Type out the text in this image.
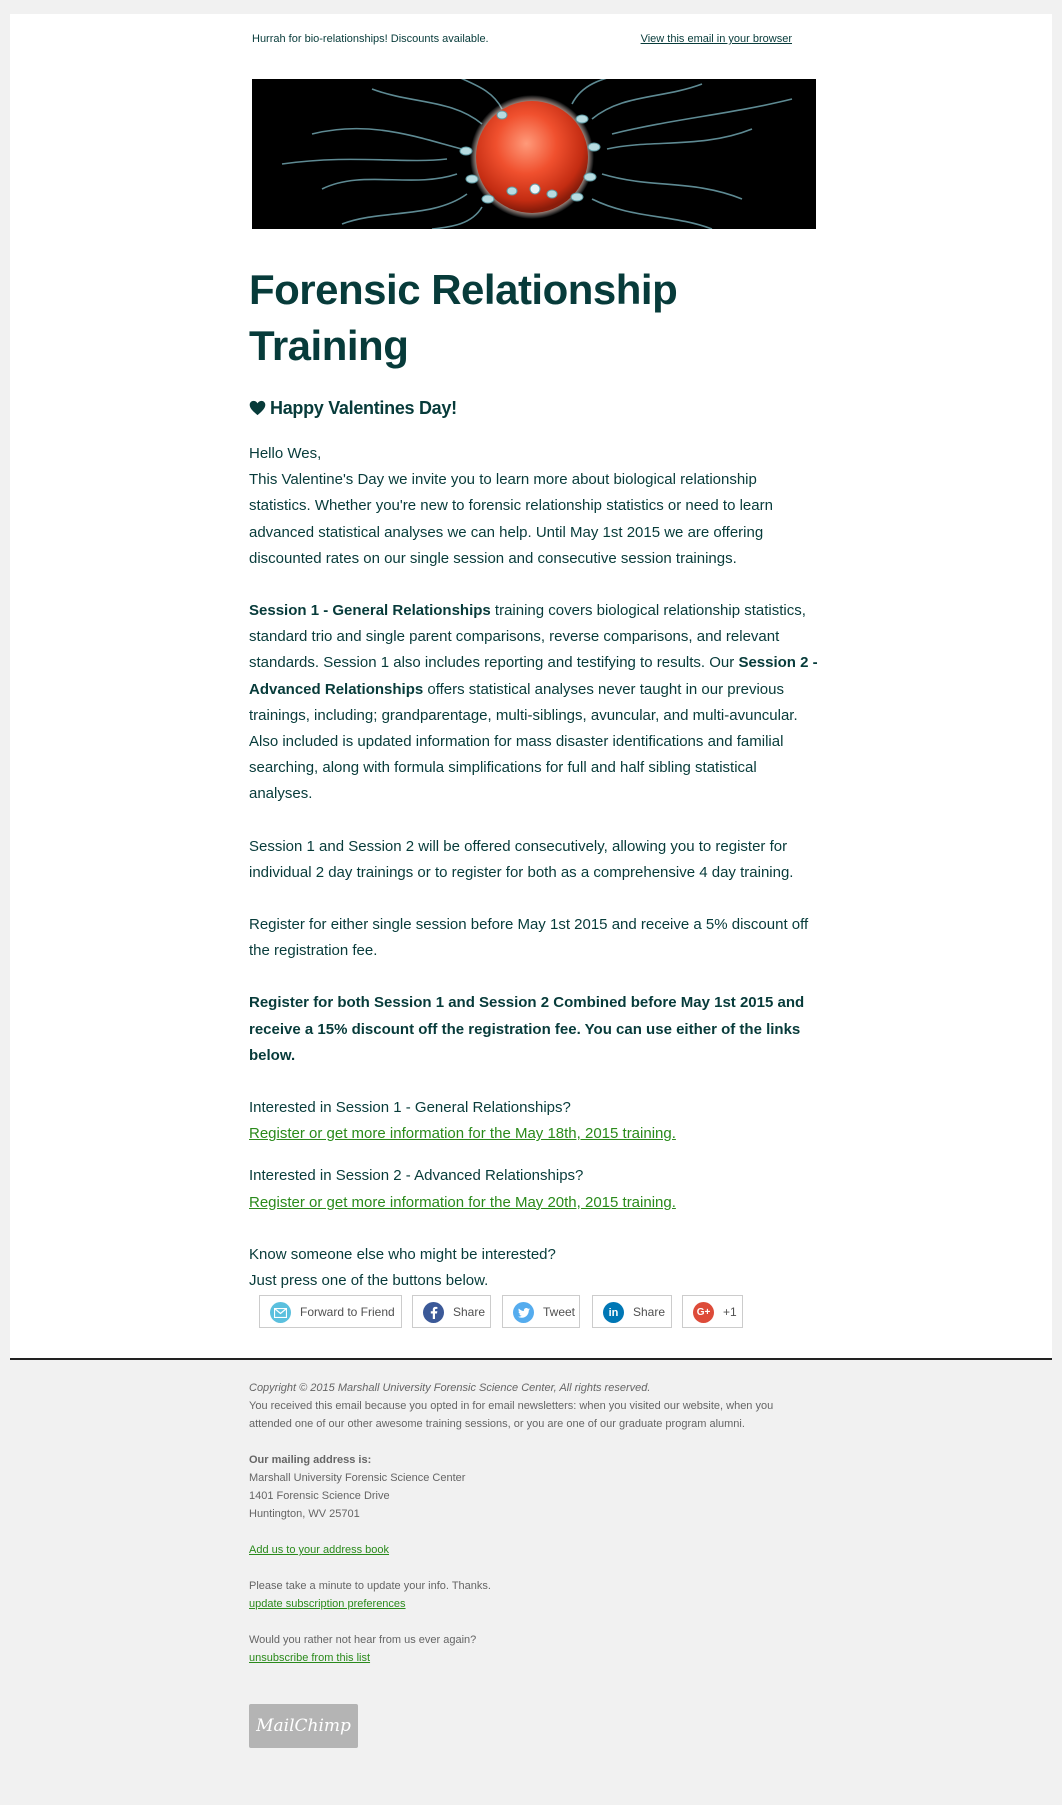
Hurrah for bio-relationships! Discounts available.	View this email in your browser
Forensic Relationship Training
Happy Valentines Day!

Hello Wes,

This Valentine's Day we invite you to learn more about biological relationship statistics. Whether you're new to forensic relationship statistics or need to learn advanced statistical analyses we can help. Until May 1st 2015 we are offering discounted rates on our single session and consecutive session trainings.

Session 1 - General Relationships training covers biological relationship statistics, standard trio and single parent comparisons, reverse comparisons, and relevant standards. Session 1 also includes reporting and testifying to results. Our Session 2 - Advanced Relationships offers statistical analyses never taught in our previous trainings, including; grandparentage, multi-siblings, avuncular, and multi-avuncular. Also included is updated information for mass disaster identifications and familial searching, along with formula simplifications for full and half sibling statistical analyses.

Session 1 and Session 2 will be offered consecutively, allowing you to register for individual 2 day trainings or to register for both as a comprehensive 4 day training.

Register for either single session before May 1st 2015 and receive a 5% discount off the registration fee.

Register for both Session 1 and Session 2 Combined before May 1st 2015 and receive a 15% discount off the registration fee. You can use either of the links below.

Interested in Session 1 - General Relationships?

Register or get more information for the May 18th, 2015 training.

Interested in Session 2 - Advanced Relationships?

Register or get more information for the May 20th, 2015 training.

Know someone else who might be interested?

Just press one of the buttons below.

Forward to Friend	Share	Tweet	in Share	G+ +1

Copyright © 2015 Marshall University Forensic Science Center, All rights reserved.

You received this email because you opted in for email newsletters: when you visited our website, when you attended one of our other awesome training sessions, or you are one of our graduate program alumni.

Our mailing address is:

Marshall University Forensic Science Center

1401 Forensic Science Drive

Huntington, WV 25701

Add us to your address book

Please take a minute to update your info. Thanks.

update subscription preferences

Would you rather not hear from us ever again?

unsubscribe from this list

MailChimp
